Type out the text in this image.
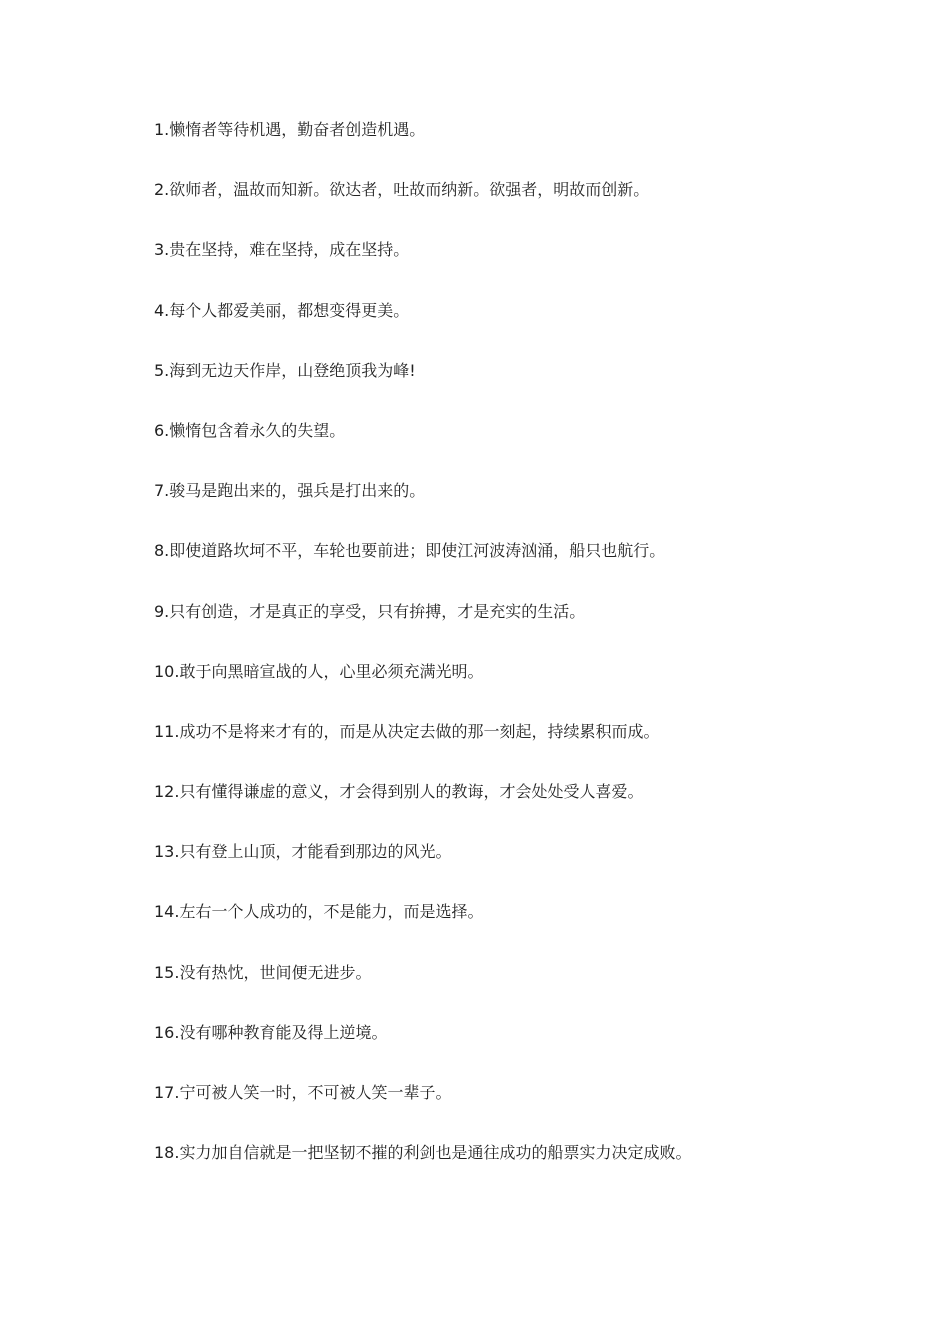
1.懒惰者等待机遇，勤奋者创造机遇。
2.欲师者，温故而知新。欲达者，吐故而纳新。欲强者，明故而创新。
3.贵在坚持，难在坚持，成在坚持。
4.每个人都爱美丽，都想变得更美。
5.海到无边天作岸，山登绝顶我为峰!
6.懒惰包含着永久的失望。
7.骏马是跑出来的，强兵是打出来的。
8.即使道路坎坷不平，车轮也要前进；即使江河波涛汹涌，船只也航行。
9.只有创造，才是真正的享受，只有拚搏，才是充实的生活。
10.敢于向黑暗宣战的人，心里必须充满光明。
11.成功不是将来才有的，而是从决定去做的那一刻起，持续累积而成。
12.只有懂得谦虚的意义，才会得到别人的教诲，才会处处受人喜爱。
13.只有登上山顶，才能看到那边的风光。
14.左右一个人成功的，不是能力，而是选择。
15.没有热忱，世间便无进步。
16.没有哪种教育能及得上逆境。
17.宁可被人笑一时，不可被人笑一辈子。
18.实力加自信就是一把坚韧不摧的利剑也是通往成功的船票实力决定成败。
